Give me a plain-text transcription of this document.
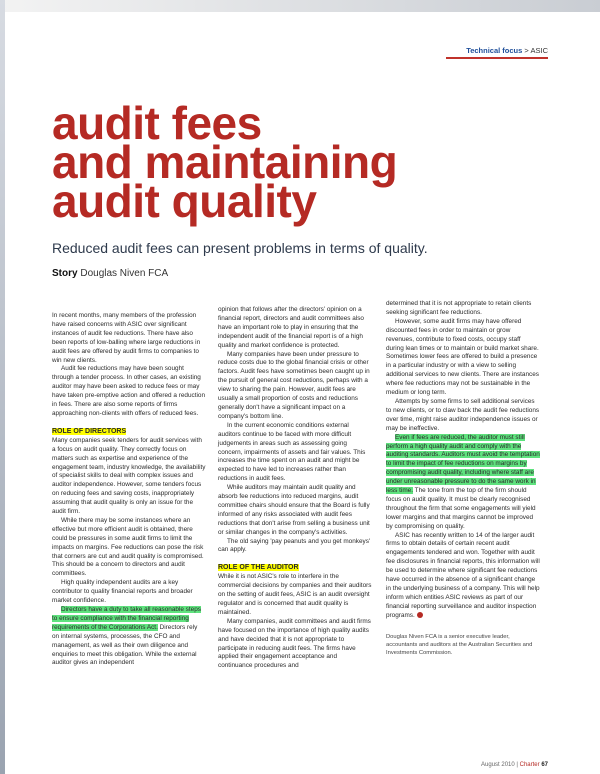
Technical focus > ASIC
audit fees
and maintaining
audit quality
Reduced audit fees can present problems in terms of quality.
Story Douglas Niven FCA

In recent months, many members of the profession have raised concerns with ASIC over significant instances of audit fee reductions. There have also been reports of low-balling where large reductions in audit fees are offered by audit firms to companies to win new clients.

Audit fee reductions may have been sought through a tender process. In other cases, an existing auditor may have been asked to reduce fees or may have taken pre-emptive action and offered a reduction in fees. There are also some reports of firms approaching non-clients with offers of reduced fees.

ROLE OF DIRECTORS

Many companies seek tenders for audit services with a focus on audit quality. They correctly focus on matters such as expertise and experience of the engagement team, industry knowledge, the availability of specialist skills to deal with complex issues and auditor independence. However, some tenders focus on reducing fees and saving costs, inappropriately assuming that audit quality is only an issue for the audit firm.

While there may be some instances where an effective but more efficient audit is obtained, there could be pressures in some audit firms to limit the impacts on margins. Fee reductions can pose the risk that corners are cut and audit quality is compromised. This should be a concern to directors and audit committees.

High quality independent audits are a key contributor to quality financial reports and broader market confidence.

Directors have a duty to take all reasonable steps to ensure compliance with the financial reporting requirements of the Corporations Act. Directors rely on internal systems, processes, the CFO and management, as well as their own diligence and enquiries to meet this obligation. While the external auditor gives an independent

opinion that follows after the directors' opinion on a financial report, directors and audit committees also have an important role to play in ensuring that the independent audit of the financial report is of a high quality and market confidence is protected.

Many companies have been under pressure to reduce costs due to the global financial crisis or other factors. Audit fees have sometimes been caught up in the pursuit of general cost reductions, perhaps with a view to sharing the pain. However, audit fees are usually a small proportion of costs and reductions generally don't have a significant impact on a company's bottom line.

In the current economic conditions external auditors continue to be faced with more difficult judgements in areas such as assessing going concern, impairments of assets and fair values. This increases the time spent on an audit and might be expected to have led to increases rather than reductions in audit fees.

While auditors may maintain audit quality and absorb fee reductions into reduced margins, audit committee chairs should ensure that the Board is fully informed of any risks associated with audit fees reductions that don't arise from selling a business unit or similar changes in the company's activities.

The old saying 'pay peanuts and you get monkeys' can apply.

ROLE OF THE AUDITOR

While it is not ASIC's role to interfere in the commercial decisions by companies and their auditors on the setting of audit fees, ASIC is an audit oversight regulator and is concerned that audit quality is maintained.

Many companies, audit committees and audit firms have focused on the importance of high quality audits and have decided that it is not appropriate to participate in reducing audit fees. The firms have applied their engagement acceptance and continuance procedures and

determined that it is not appropriate to retain clients seeking significant fee reductions.

However, some audit firms may have offered discounted fees in order to maintain or grow revenues, contribute to fixed costs, occupy staff during lean times or to maintain or build market share. Sometimes lower fees are offered to build a presence in a particular industry or with a view to selling additional services to new clients. There are instances where fee reductions may not be sustainable in the medium or long term.

Attempts by some firms to sell additional services to new clients, or to claw back the audit fee reductions over time, might raise auditor independence issues or may be ineffective.

Even if fees are reduced, the auditor must still perform a high quality audit and comply with the auditing standards. Auditors must avoid the temptation to limit the impact of fee reductions on margins by compromising audit quality, including where staff are under unreasonable pressure to do the same work in less time. The tone from the top of the firm should focus on audit quality. It must be clearly recognised throughout the firm that some engagements will yield lower margins and that margins cannot be improved by compromising on quality.

ASIC has recently written to 14 of the larger audit firms to obtain details of certain recent audit engagements tendered and won. Together with audit fee disclosures in financial reports, this information will be used to determine where significant fee reductions have occurred in the absence of a significant change in the underlying business of a company. This will help inform which entities ASIC reviews as part of our financial reporting surveillance and auditor inspection programs.

Douglas Niven FCA is a senior executive leader, accountants and auditors at the Australian Securities and Investments Commission.
August 2010 | Charter 67
